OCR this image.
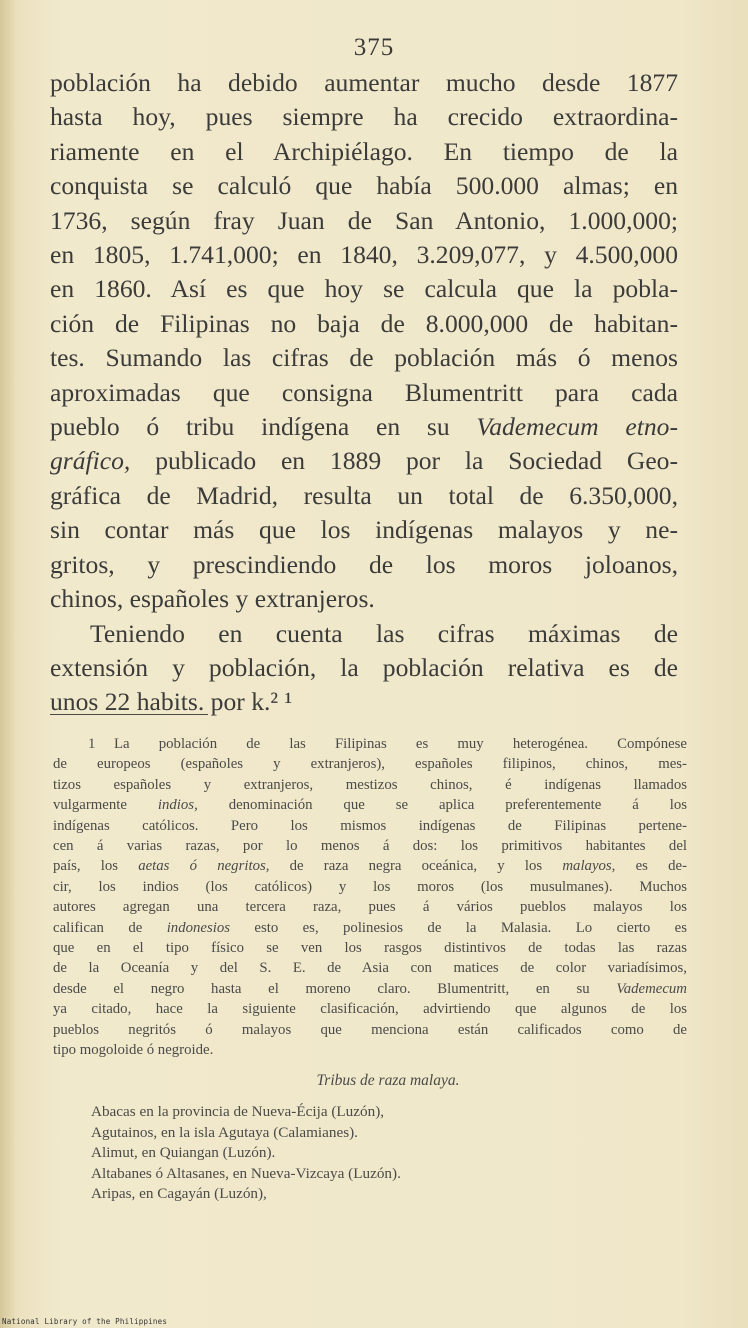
375
población ha debido aumentar mucho desde 1877
hasta hoy, pues siempre ha crecido extraordina-
riamente en el Archipiélago. En tiempo de la
conquista se calculó que había 500.000 almas; en
1736, según fray Juan de San Antonio, 1.000,000;
en 1805, 1.741,000; en 1840, 3.209,077, y 4.500,000
en 1860. Así es que hoy se calcula que la pobla-
ción de Filipinas no baja de 8.000,000 de habitan-
tes. Sumando las cifras de población más ó menos
aproximadas que consigna Blumentritt para cada
pueblo ó tribu indígena en su Vademecum etno-
gráfico, publicado en 1889 por la Sociedad Geo-
gráfica de Madrid, resulta un total de 6.350,000,
sin contar más que los indígenas malayos y ne-
gritos, y prescindiendo de los moros joloanos,
chinos, españoles y extranjeros.
Teniendo en cuenta las cifras máximas de
extensión y población, la población relativa es de
unos 22 habits. por k.² ¹
1 La población de las Filipinas es muy heterogénea. Compónese
de europeos (españoles y extranjeros), españoles filipinos, chinos, mes-
tizos españoles y extranjeros, mestizos chinos, é indígenas llamados
vulgarmente indios, denominación que se aplica preferentemente á los
indígenas católicos. Pero los mismos indígenas de Filipinas pertene-
cen á varias razas, por lo menos á dos: los primitivos habitantes del
país, los aetas ó negritos, de raza negra oceánica, y los malayos, es de-
cir, los indios (los católicos) y los moros (los musulmanes). Muchos
autores agregan una tercera raza, pues á vários pueblos malayos los
califican de indonesios esto es, polinesios de la Malasia. Lo cierto es
que en el tipo físico se ven los rasgos distintivos de todas las razas
de la Oceanía y del S. E. de Asia con matices de color variadísimos,
desde el negro hasta el moreno claro. Blumentritt, en su Vademecum
ya citado, hace la siguiente clasificación, advirtiendo que algunos de los
pueblos negritós ó malayos que menciona están calificados como de
tipo mogoloide ó negroide.
Tribus de raza malaya.
Abacas en la provincia de Nueva-Écija (Luzón),
Agutainos, en la isla Agutaya (Calamianes).
Alimut, en Quiangan (Luzón).
Altabanes ó Altasanes, en Nueva-Vizcaya (Luzón).
Aripas, en Cagayán (Luzón),
National Library of the Philippines
